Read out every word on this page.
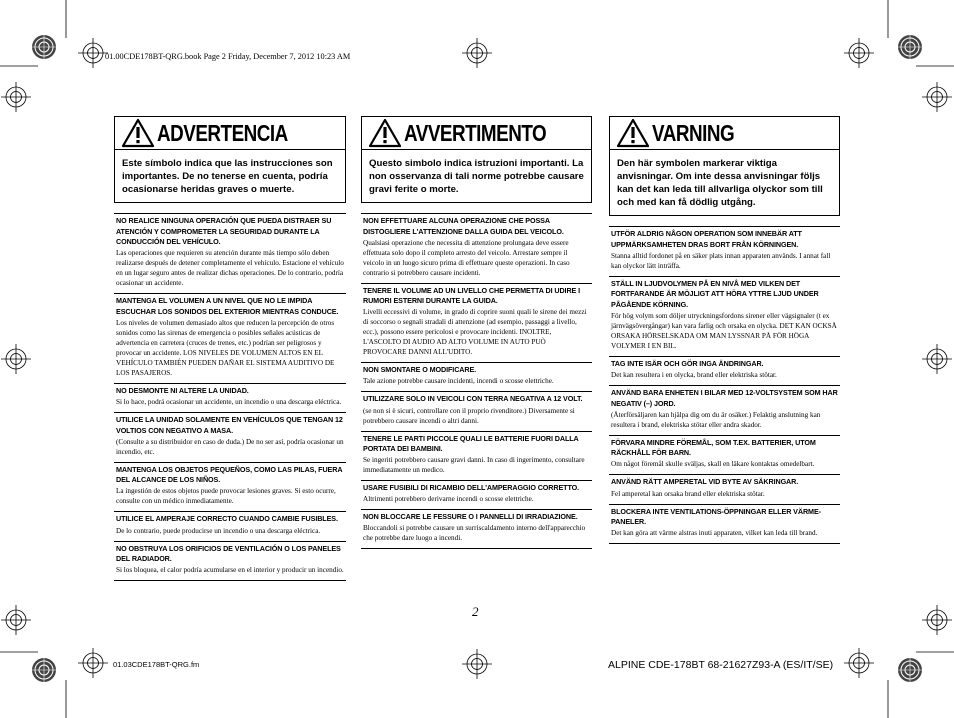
01.00CDE178BT-QRG.book Page 2 Friday, December 7, 2012 10:23 AM
ADVERTENCIA
Este símbolo indica que las instrucciones son importantes. De no tenerse en cuenta, podría ocasionarse heridas graves o muerte.
NO REALICE NINGUNA OPERACIÓN QUE PUEDA DISTRAER SU ATENCIÓN Y COMPROMETER LA SEGURIDAD DURANTE LA CONDUCCIÓN DEL VEHÍCULO.
Las operaciones que requieren su atención durante más tiempo sólo deben realizarse después de detener completamente el vehículo. Estacione el vehículo en un lugar seguro antes de realizar dichas operaciones. De lo contrario, podría ocasionar un accidente.
MANTENGA EL VOLUMEN A UN NIVEL QUE NO LE IMPIDA ESCUCHAR LOS SONIDOS DEL EXTERIOR MIENTRAS CONDUCE.
Los niveles de volumen demasiado altos que reducen la percepción de otros sonidos como las sirenas de emergencia o posibles señales acústicas de advertencia en carretera (cruces de trenes, etc.) podrían ser peligrosos y provocar un accidente. LOS NIVELES DE VOLUMEN ALTOS EN EL VEHÍCULO TAMBIÉN PUEDEN DAÑAR EL SISTEMA AUDITIVO DE LOS PASAJEROS.
NO DESMONTE NI ALTERE LA UNIDAD.
Si lo hace, podrá ocasionar un accidente, un incendio o una descarga eléctrica.
UTILICE LA UNIDAD SOLAMENTE EN VEHÍCULOS QUE TENGAN 12 VOLTIOS CON NEGATIVO A MASA.
(Consulte a su distribuidor en caso de duda.) De no ser así, podría ocasionar un incendio, etc.
MANTENGA LOS OBJETOS PEQUEÑOS, COMO LAS PILAS, FUERA DEL ALCANCE DE LOS NIÑOS.
La ingestión de estos objetos puede provocar lesiones graves. Si esto ocurre, consulte con un médico inmediatamente.
UTILICE EL AMPERAJE CORRECTO CUANDO CAMBIE FUSIBLES.
De lo contrario, puede producirse un incendio o una descarga eléctrica.
NO OBSTRUYA LOS ORIFICIOS DE VENTILACIÓN O LOS PANELES DEL RADIADOR.
Si los bloquea, el calor podría acumularse en el interior y producir un incendio.
AVVERTIMENTO
Questo simbolo indica istruzioni importanti. La non osservanza di tali norme potrebbe causare gravi ferite o morte.
NON EFFETTUARE ALCUNA OPERAZIONE CHE POSSA DISTOGLIERE L'ATTENZIONE DALLA GUIDA DEL VEICOLO.
Qualsiasi operazione che necessita di attenzione prolungata deve essere effettuata solo dopo il completo arresto del veicolo. Arrestare sempre il veicolo in un luogo sicuro prima di effettuare queste operazioni. In caso contrario si potrebbero causare incidenti.
TENERE IL VOLUME AD UN LIVELLO CHE PERMETTA DI UDIRE I RUMORI ESTERNI DURANTE LA GUIDA.
Livelli eccessivi di volume, in grado di coprire suoni quali le sirene dei mezzi di soccorso o segnali stradali di attenzione (ad esempio, passaggi a livello, ecc.), possono essere pericolosi e provocare incidenti. INOLTRE, L'ASCOLTO DI AUDIO AD ALTO VOLUME IN AUTO PUÒ PROVOCARE DANNI ALL'UDITO.
NON SMONTARE O MODIFICARE.
Tale azione potrebbe causare incidenti, incendi o scosse elettriche.
UTILIZZARE SOLO IN VEICOLI CON TERRA NEGATIVA A 12 VOLT.
(se non si è sicuri, controllare con il proprio rivenditore.) Diversamente si potrebbero causare incendi o altri danni.
TENERE LE PARTI PICCOLE QUALI LE BATTERIE FUORI DALLA PORTATA DEI BAMBINI.
Se ingeriti potrebbero causare gravi danni. In caso di ingerimento, consultare immediatamente un medico.
USARE FUSIBILI DI RICAMBIO DELL'AMPERAGGIO CORRETTO.
Altrimenti potrebbero derivarne incendi o scosse elettriche.
NON BLOCCARE LE FESSURE O I PANNELLI DI IRRADIAZIONE.
Bloccandoli si potrebbe causare un surriscaldamento interno dell'apparecchio che potrebbe dare luogo a incendi.
VARNING
Den här symbolen markerar viktiga anvisningar. Om inte dessa anvisningar följs kan det kan leda till allvarliga olyckor som till och med kan få dödlig utgång.
UTFÖR ALDRIG NÅGON OPERATION SOM INNEBÄR ATT UPPMÄRKSAMHETEN DRAS BORT FRÅN KÖRNINGEN.
Stanna alltid fordonet på en säker plats innan apparaten används. I annat fall kan olyckor lätt inträffa.
STÄLL IN LJUDVOLYMEN PÅ EN NIVÅ MED VILKEN DET FORTFARANDE ÄR MÖJLIGT ATT HÖRA YTTRE LJUD UNDER PÅGÅENDE KÖRNING.
För hög volym som döljer utryckningsfordons sirener eller vägsignaler (t ex järnvägsövergångar) kan vara farlig och orsaka en olycka. DET KAN OCKSÅ ORSAKA HÖRSELSKADA OM MAN LYSSNAR PÅ FÖR HÖGA VOLYMER I EN BIL.
TAG INTE ISÄR OCH GÖR INGA ÄNDRINGAR.
Det kan resultera i en olycka, brand eller elektriska stötar.
ANVÄND BARA ENHETEN I BILAR MED 12-VOLTSYSTEM SOM HAR NEGATIV (–) JORD.
(Återförsäljaren kan hjälpa dig om du är osäker.) Felaktig anslutning kan resultera i brand, elektriska stötar eller andra skador.
FÖRVARA MINDRE FÖREMÅL, SOM T.EX. BATTERIER, UTOM RÄCKHÅLL FÖR BARN.
Om något föremål skulle sväljas, skall en läkare kontaktas omedelbart.
ANVÄND RÄTT AMPERETAL VID BYTE AV SÄKRINGAR.
Fel amperetal kan orsaka brand eller elektriska stötar.
BLOCKERA INTE VENTILATIONS-ÖPPNINGAR ELLER VÄRME-PANELER.
Det kan göra att värme alstras inuti apparaten, vilket kan leda till brand.
2
01.03CDE178BT-QRG.fm	ALPINE CDE-178BT 68-21627Z93-A (ES/IT/SE)
